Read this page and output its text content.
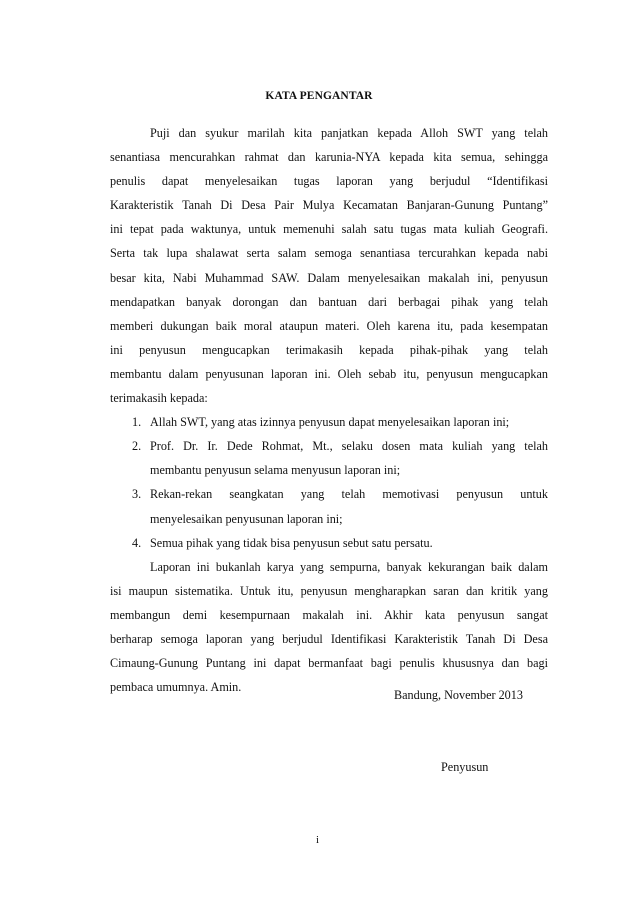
KATA PENGANTAR
Puji dan syukur marilah kita panjatkan kepada Alloh SWT yang telah
senantiasa mencurahkan rahmat dan karunia-NYA kepada kita semua, sehingga
penulis dapat menyelesaikan tugas laporan yang berjudul “Identifikasi
Karakteristik Tanah Di Desa Pair Mulya Kecamatan Banjaran-Gunung Puntang”
ini tepat pada waktunya, untuk memenuhi salah satu tugas mata kuliah Geografi.
Serta tak lupa shalawat serta salam semoga senantiasa tercurahkan kepada nabi
besar kita, Nabi Muhammad SAW. Dalam menyelesaikan makalah ini, penyusun
mendapatkan banyak dorongan dan bantuan dari berbagai pihak yang telah
memberi dukungan baik moral ataupun materi. Oleh karena itu, pada kesempatan
ini penyusun mengucapkan terimakasih kepada pihak-pihak yang telah
membantu dalam penyusunan laporan ini. Oleh sebab itu, penyusun mengucapkan
terimakasih kepada:
1. Allah SWT, yang atas izinnya penyusun dapat menyelesaikan laporan ini;
2. Prof. Dr. Ir. Dede Rohmat, Mt., selaku dosen mata kuliah yang telah
membantu penyusun selama menyusun laporan ini;
3. Rekan-rekan seangkatan yang telah memotivasi penyusun untuk
menyelesaikan penyusunan laporan ini;
4. Semua pihak yang tidak bisa penyusun sebut satu persatu.
Laporan ini bukanlah karya yang sempurna, banyak kekurangan baik dalam
isi maupun sistematika. Untuk itu, penyusun mengharapkan saran dan kritik yang
membangun demi kesempurnaan makalah ini. Akhir kata penyusun sangat
berharap semoga laporan yang berjudul Identifikasi Karakteristik Tanah Di Desa
Cimaung-Gunung Puntang ini dapat bermanfaat bagi penulis khususnya dan bagi
pembaca umumnya. Amin.
Bandung, November 2013
Penyusun
i
